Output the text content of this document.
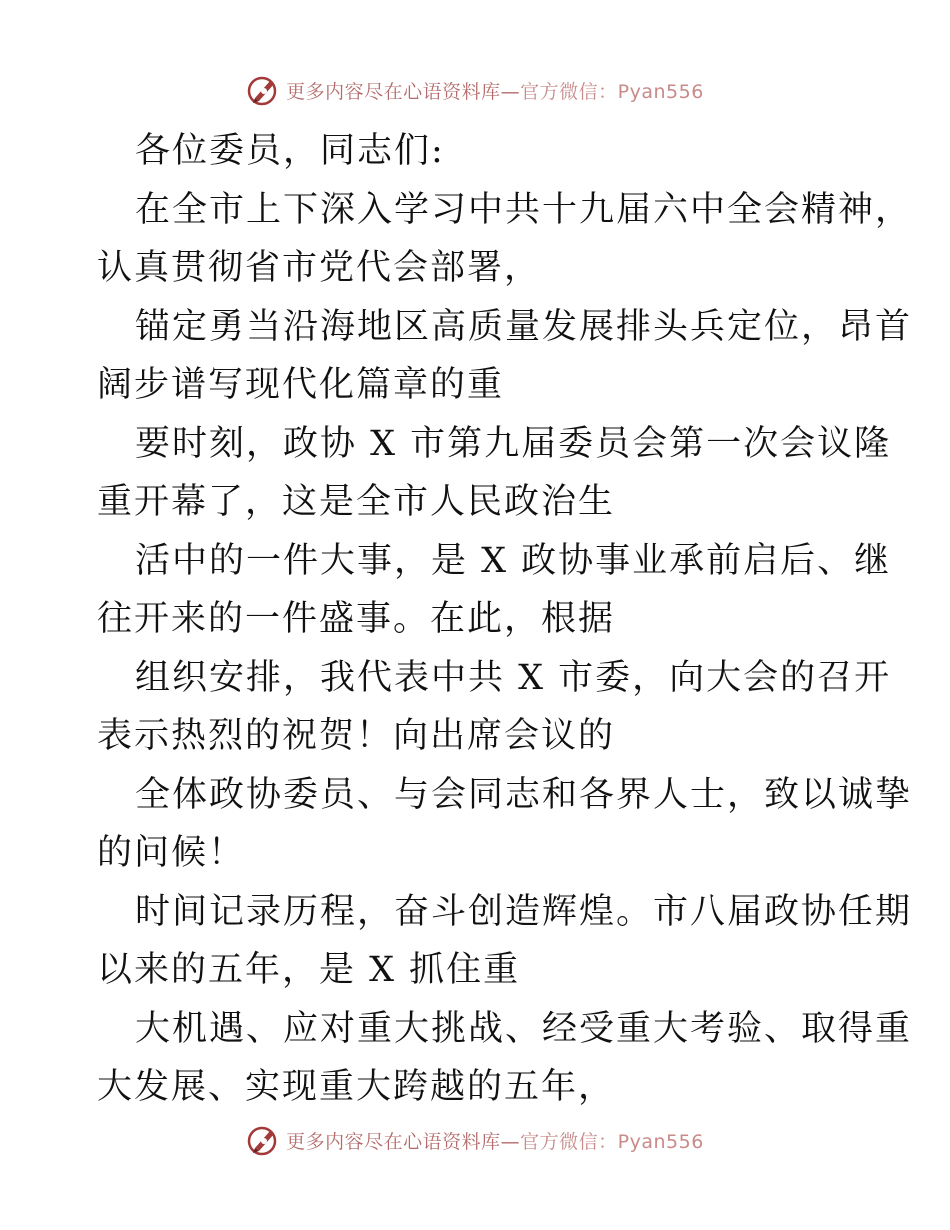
更多内容尽在心语资料库—官方微信：Pyan556

各位委员，同志们:

在全市上下深入学习中共十九届六中全会精神，

认真贯彻省市党代会部署，

锚定勇当沿海地区高质量发展排头兵定位，昂首

阔步谱写现代化篇章的重

要时刻，政协 X 市第九届委员会第一次会议隆

重开幕了，这是全市人民政治生

活中的一件大事，是 X 政协事业承前启后、继

往开来的一件盛事。在此，根据

组织安排，我代表中共 X 市委，向大会的召开

表示热烈的祝贺！向出席会议的

全体政协委员、与会同志和各界人士，致以诚挚

的问候！

时间记录历程，奋斗创造辉煌。市八届政协任期

以来的五年，是 X 抓住重

大机遇、应对重大挑战、经受重大考验、取得重

大发展、实现重大跨越的五年，

更多内容尽在心语资料库—官方微信：Pyan556
